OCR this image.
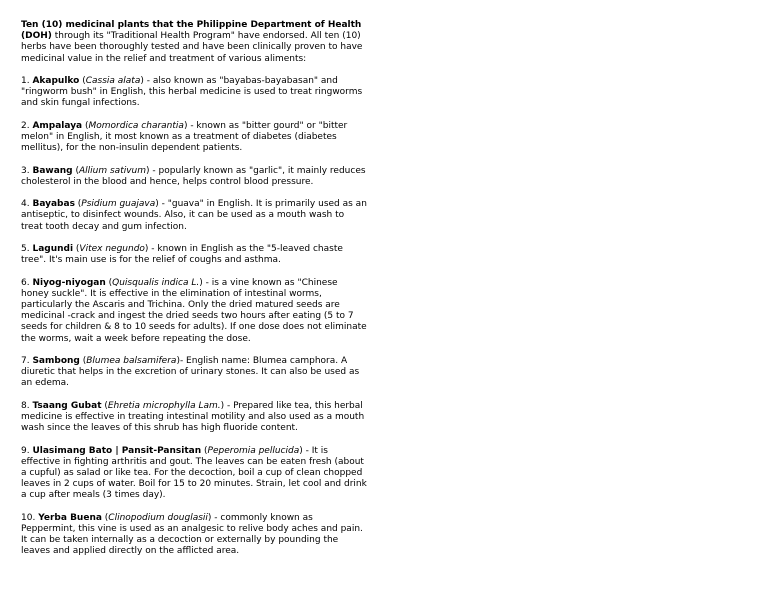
Ten (10) medicinal plants that the Philippine Department of Health (DOH) through its "Traditional Health Program" have endorsed. All ten (10) herbs have been thoroughly tested and have been clinically proven to have medicinal value in the relief and treatment of various aliments:

1. Akapulko (Cassia alata) - also known as "bayabas-bayabasan" and "ringworm bush" in English, this herbal medicine is used to treat ringworms and skin fungal infections.

2. Ampalaya (Momordica charantia) - known as "bitter gourd" or "bitter melon" in English, it most known as a treatment of diabetes (diabetes mellitus), for the non-insulin dependent patients.

3. Bawang (Allium sativum) - popularly known as "garlic", it mainly reduces cholesterol in the blood and hence, helps control blood pressure.

4. Bayabas (Psidium guajava) - "guava" in English. It is primarily used as an antiseptic, to disinfect wounds. Also, it can be used as a mouth wash to treat tooth decay and gum infection.

5. Lagundi (Vitex negundo) - known in English as the "5-leaved chaste tree". It's main use is for the relief of coughs and asthma.

6. Niyog-niyogan (Quisqualis indica L.) - is a vine known as "Chinese honey suckle". It is effective in the elimination of intestinal worms, particularly the Ascaris and Trichina. Only the dried matured seeds are medicinal -crack and ingest the dried seeds two hours after eating (5 to 7 seeds for children & 8 to 10 seeds for adults). If one dose does not eliminate the worms, wait a week before repeating the dose.

7. Sambong (Blumea balsamifera)- English name: Blumea camphora. A diuretic that helps in the excretion of urinary stones. It can also be used as an edema.

8. Tsaang Gubat (Ehretia microphylla Lam.) - Prepared like tea, this herbal medicine is effective in treating intestinal motility and also used as a mouth wash since the leaves of this shrub has high fluoride content.

9. Ulasimang Bato | Pansit-Pansitan (Peperomia pellucida) - It is effective in fighting arthritis and gout. The leaves can be eaten fresh (about a cupful) as salad or like tea. For the decoction, boil a cup of clean chopped leaves in 2 cups of water. Boil for 15 to 20 minutes. Strain, let cool and drink a cup after meals (3 times day).

10. Yerba Buena (Clinopodium douglasii) - commonly known as Peppermint, this vine is used as an analgesic to relive body aches and pain. It can be taken internally as a decoction or externally by pounding the leaves and applied directly on the afflicted area.
